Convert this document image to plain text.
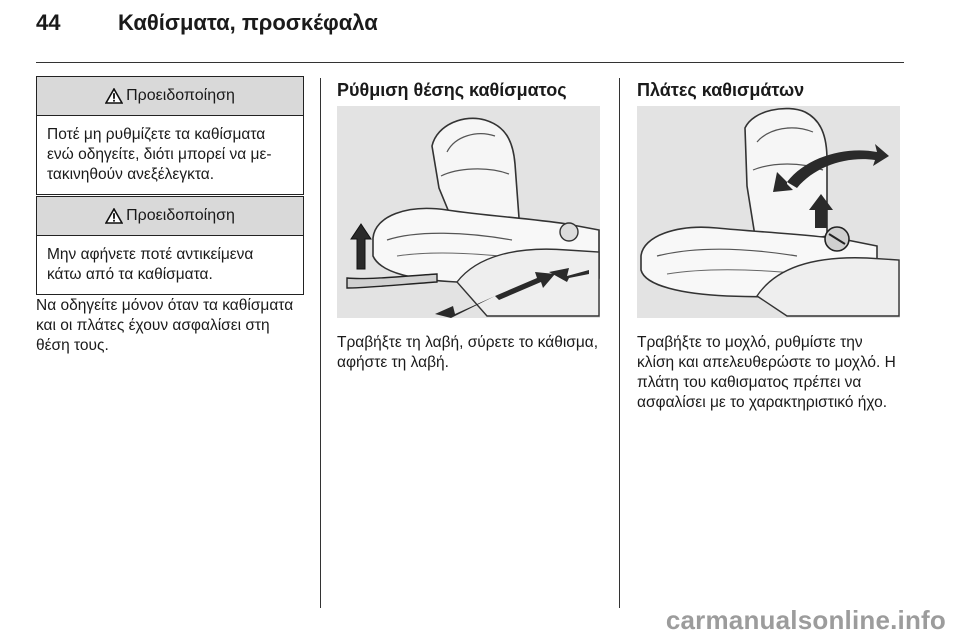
44	Καθίσματα, προσκέφαλα
Προειδοποίηση
Ποτέ μη ρυθμίζετε τα καθίσματα
ενώ οδηγείτε, διότι μπορεί να με-
τακινηθούν ανεξέλεγκτα.
Προειδοποίηση
Μην αφήνετε ποτέ αντικείμενα
κάτω από τα καθίσματα.
Να οδηγείτε μόνον όταν τα καθίσματα
και οι πλάτες έχουν ασφαλίσει στη
θέση τους.
Ρύθμιση θέσης καθίσματος
Τραβήξτε τη λαβή, σύρετε το κάθισμα,
αφήστε τη λαβή.
Πλάτες καθισμάτων
Τραβήξτε το μοχλό, ρυθμίστε την
κλίση και απελευθερώστε το μοχλό. Η
πλάτη του καθισματος πρέπει να
ασφαλίσει με το χαρακτηριστικό ήχο.
carmanualsonline.info
